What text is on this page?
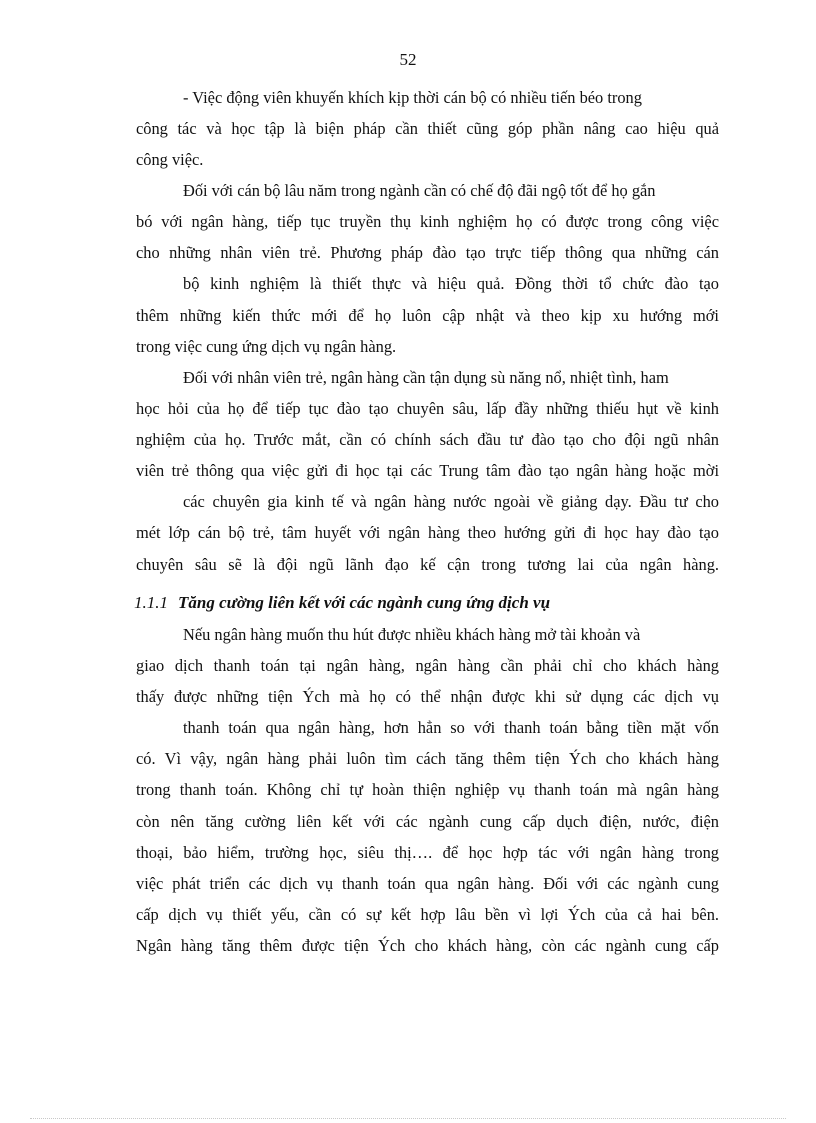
52
- Việc động viên khuyến khích kịp thời cán bộ có nhiều tiến béo trong
công tác và học tập là biện pháp cần thiết cũng góp phần nâng cao hiệu quả
công việc.
Đối với cán bộ lâu năm trong ngành cần có chế độ đãi ngộ tốt để họ gắn
bó với ngân hàng, tiếp tục truyền thụ kinh nghiệm họ có được trong công việc
cho những nhân viên trẻ. Phương pháp đào tạo trực tiếp thông qua những cán
bộ kinh nghiệm là thiết thực và hiệu quả. Đồng thời tổ chức đào tạo
thêm những kiến thức mới để họ luôn cập nhật và theo kịp xu hướng mới
trong việc cung ứng dịch vụ ngân hàng.
Đối với nhân viên trẻ, ngân hàng cần tận dụng sù năng nổ, nhiệt tình, ham
học hỏi của họ để tiếp tục đào tạo chuyên sâu, lấp đầy những thiếu hụt về kinh
nghiệm của họ. Trước mắt, cần có chính sách đầu tư đào tạo cho đội ngũ nhân
viên trẻ thông qua việc gửi đi học tại các Trung tâm đào tạo ngân hàng hoặc mời
các chuyên gia kinh tế và ngân hàng nước ngoài về giảng dạy. Đầu tư cho
mét lớp cán bộ trẻ, tâm huyết với ngân hàng theo hướng gửi đi học hay đào tạo
chuyên sâu sẽ là đội ngũ lãnh đạo kế cận trong tương lai của ngân hàng.
1.1.1 Tăng cường liên kết với các ngành cung ứng dịch vụ
Nếu ngân hàng muốn thu hút được nhiều khách hàng mở tài khoản và
giao dịch thanh toán tại ngân hàng, ngân hàng cần phải chỉ cho khách hàng
thấy được những tiện Ých mà họ có thể nhận được khi sử dụng các dịch vụ
thanh toán qua ngân hàng, hơn hẳn so với thanh toán bằng tiền mặt vốn
có. Vì vậy, ngân hàng phải luôn tìm cách tăng thêm tiện Ých cho khách hàng
trong thanh toán. Không chỉ tự hoàn thiện nghiệp vụ thanh toán mà ngân hàng
còn nên tăng cường liên kết với các ngành cung cấp dụch điện, nước, điện
thoại, bảo hiểm, trường học, siêu thị…. để học hợp tác với ngân hàng trong
việc phát triển các dịch vụ thanh toán qua ngân hàng. Đối với các ngành cung
cấp dịch vụ thiết yếu, cần có sự kết hợp lâu bền vì lợi Ých của cả hai bên.
Ngân hàng tăng thêm được tiện Ých cho khách hàng, còn các ngành cung cấp
